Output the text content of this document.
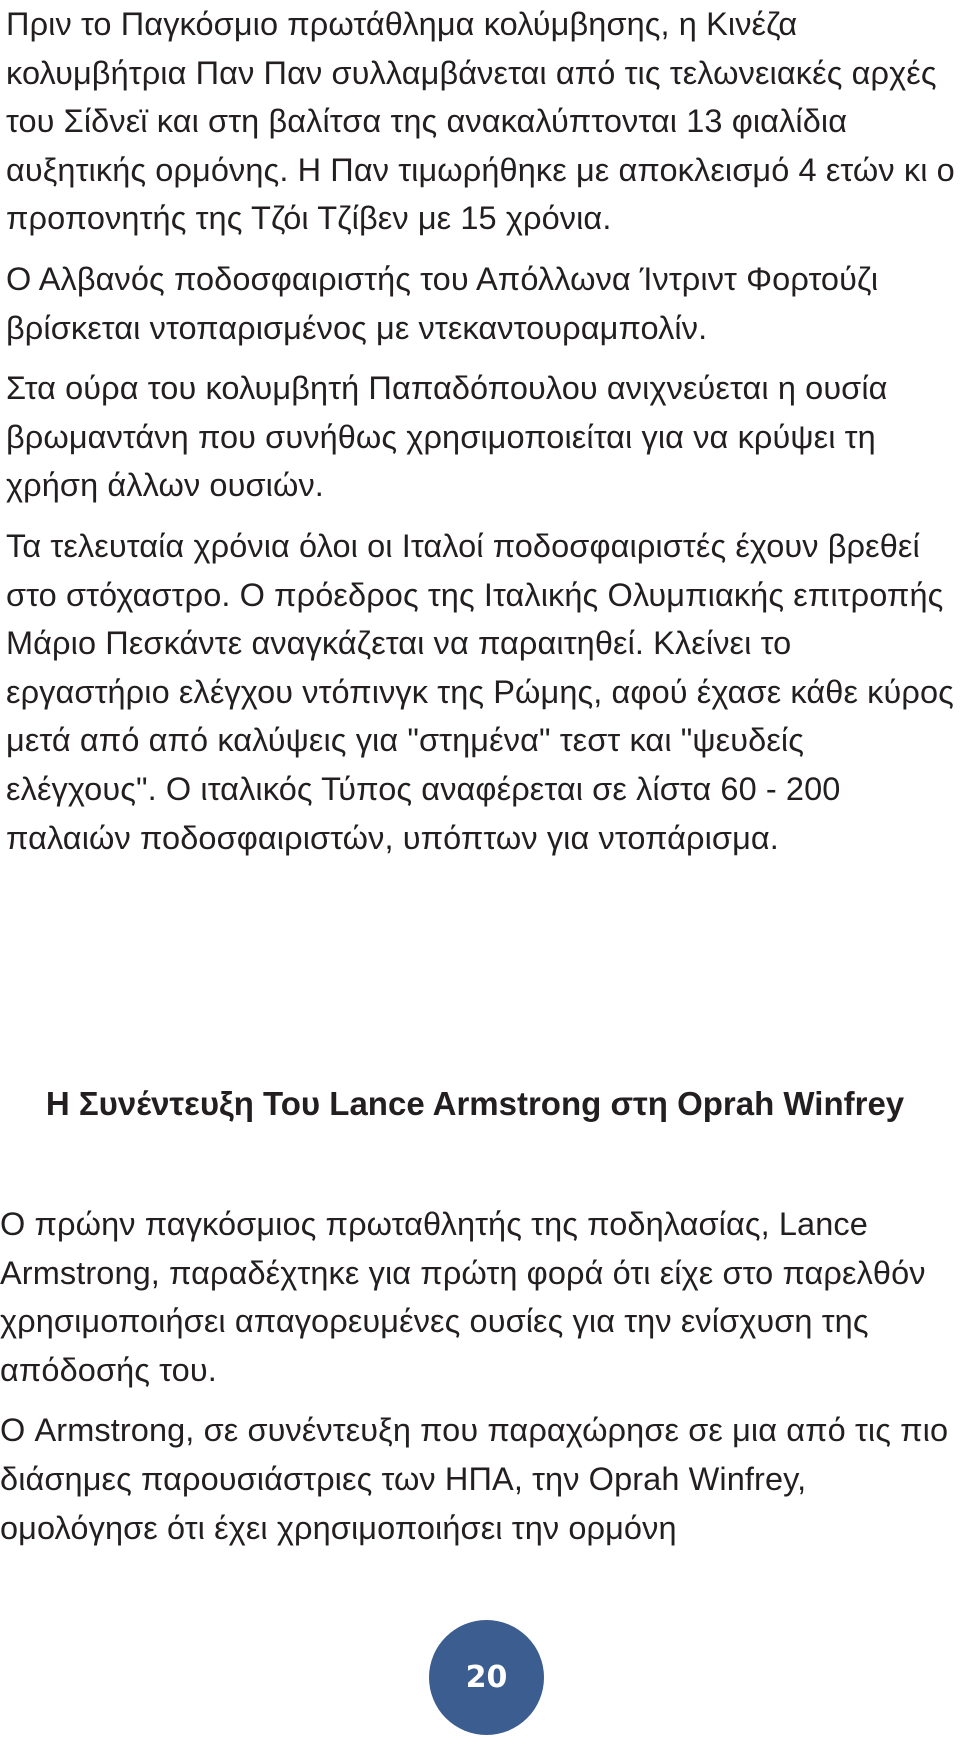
Πριν το Παγκόσμιο πρωτάθλημα κολύμβησης, η Κινέζα κολυμβήτρια Παν Παν συλλαμβάνεται από τις τελωνειακές αρχές του Σίδνεϊ και στη βαλίτσα της ανακαλύπτονται 13 φιαλίδια αυξητικής ορμόνης. Η Παν τιμωρήθηκε με αποκλεισμό 4 ετών κι ο προπονητής της Τζόι Τζίβεν με 15 χρόνια.

Ο Αλβανός ποδοσφαιριστής του Απόλλωνα Ίντριντ Φορτούζι βρίσκεται ντοπαρισμένος με ντεκαντουραμπολίν.

Στα ούρα του κολυμβητή Παπαδόπουλου ανιχνεύεται η ουσία βρωμαντάνη που συνήθως χρησιμοποιείται για να κρύψει τη χρήση άλλων ουσιών.

Τα τελευταία χρόνια όλοι οι Ιταλοί ποδοσφαιριστές έχουν βρεθεί στο στόχαστρο. Ο πρόεδρος της Ιταλικής Ολυμπιακής επιτροπής Μάριο Πεσκάντε αναγκάζεται να παραιτηθεί. Κλείνει το εργαστήριο ελέγχου ντόπινγκ της Ρώμης, αφού έχασε κάθε κύρος μετά από από καλύψεις για "στημένα" τεστ και "ψευδείς ελέγχους". Ο ιταλικός Τύπος αναφέρεται σε λίστα 60 - 200 παλαιών ποδοσφαιριστών, υπόπτων για ντοπάρισμα.

Η Συνέντευξη Του Lance Armstrong στη Oprah Winfrey

Ο πρώην παγκόσμιος πρωταθλητής της ποδηλασίας, Lance Armstrong, παραδέχτηκε για πρώτη φορά ότι είχε στο παρελθόν χρησιμοποιήσει απαγορευμένες ουσίες για την ενίσχυση της απόδοσής του.

Ο Armstrong, σε συνέντευξη που παραχώρησε σε μια από τις πιο διάσημες παρουσιάστριες των ΗΠΑ, την Oprah Winfrey, ομολόγησε ότι έχει χρησιμοποιήσει την ορμόνη

20
